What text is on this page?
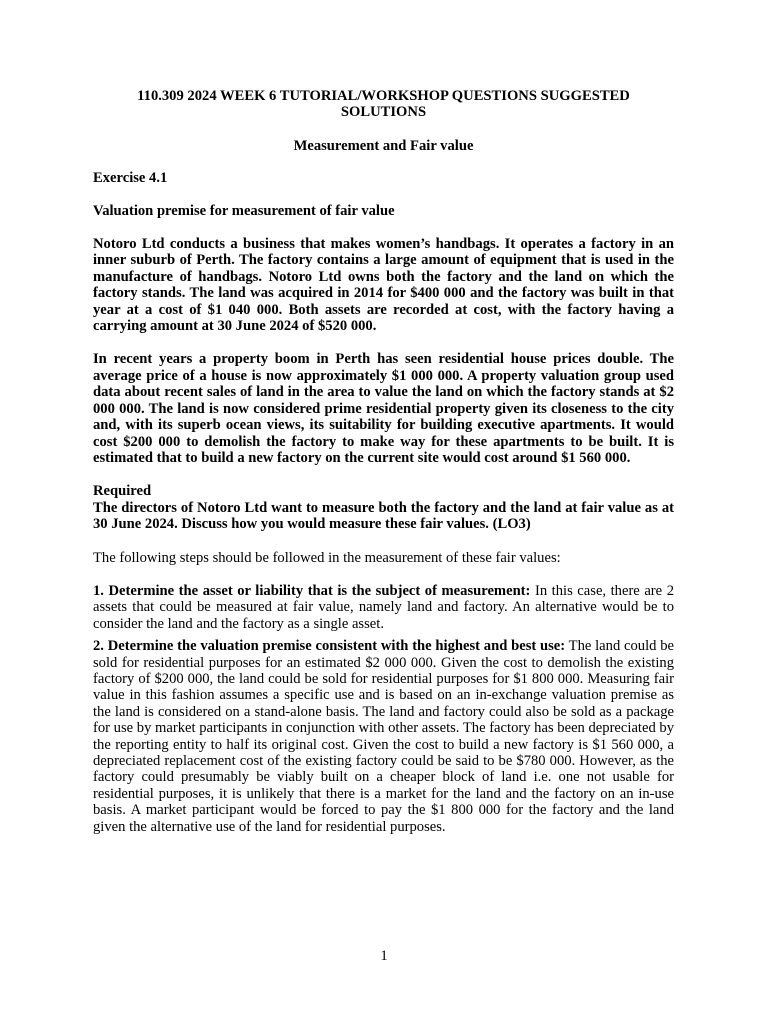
110.309 2024 WEEK 6 TUTORIAL/WORKSHOP QUESTIONS SUGGESTED SOLUTIONS

Measurement and Fair value

Exercise 4.1

Valuation premise for measurement of fair value

Notoro Ltd conducts a business that makes women’s handbags. It operates a factory in an inner suburb of Perth. The factory contains a large amount of equipment that is used in the manufacture of handbags. Notoro Ltd owns both the factory and the land on which the factory stands. The land was acquired in 2014 for $400 000 and the factory was built in that year at a cost of $1 040 000. Both assets are recorded at cost, with the factory having a carrying amount at 30 June 2024 of $520 000.

In recent years a property boom in Perth has seen residential house prices double. The average price of a house is now approximately $1 000 000. A property valuation group used data about recent sales of land in the area to value the land on which the factory stands at $2 000 000. The land is now considered prime residential property given its closeness to the city and, with its superb ocean views, its suitability for building executive apartments. It would cost $200 000 to demolish the factory to make way for these apartments to be built. It is estimated that to build a new factory on the current site would cost around $1 560 000.

Required

The directors of Notoro Ltd want to measure both the factory and the land at fair value as at 30 June 2024. Discuss how you would measure these fair values. (LO3)

The following steps should be followed in the measurement of these fair values:

1. Determine the asset or liability that is the subject of measurement: In this case, there are 2 assets that could be measured at fair value, namely land and factory. An alternative would be to consider the land and the factory as a single asset.

2. Determine the valuation premise consistent with the highest and best use: The land could be sold for residential purposes for an estimated $2 000 000. Given the cost to demolish the existing factory of $200 000, the land could be sold for residential purposes for $1 800 000. Measuring fair value in this fashion assumes a specific use and is based on an in-exchange valuation premise as the land is considered on a stand-alone basis. The land and factory could also be sold as a package for use by market participants in conjunction with other assets. The factory has been depreciated by the reporting entity to half its original cost. Given the cost to build a new factory is $1 560 000, a depreciated replacement cost of the existing factory could be said to be $780 000. However, as the factory could presumably be viably built on a cheaper block of land i.e. one not usable for residential purposes, it is unlikely that there is a market for the land and the factory on an in-use basis. A market participant would be forced to pay the $1 800 000 for the factory and the land given the alternative use of the land for residential purposes.

1
